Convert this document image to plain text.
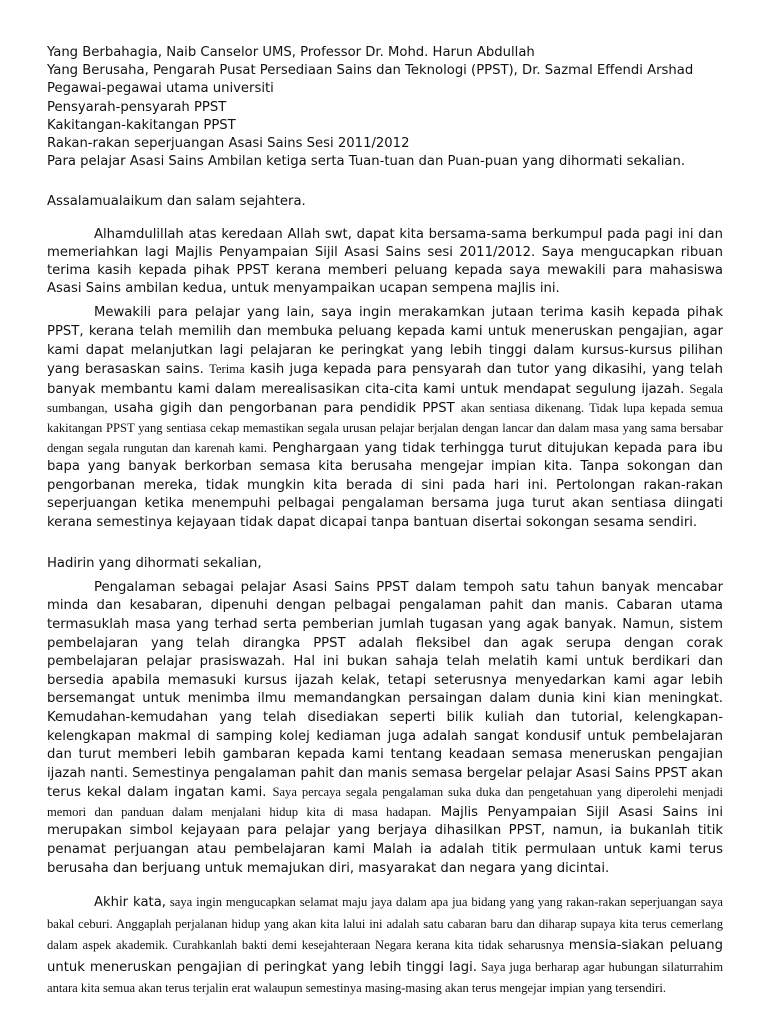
Yang Berbahagia, Naib Canselor UMS, Professor Dr. Mohd. Harun Abdullah
Yang Berusaha, Pengarah Pusat Persediaan Sains dan Teknologi (PPST), Dr. Sazmal Effendi Arshad
Pegawai-pegawai utama universiti
Pensyarah-pensyarah PPST
Kakitangan-kakitangan PPST
Rakan-rakan seperjuangan Asasi Sains Sesi 2011/2012
Para pelajar Asasi Sains Ambilan ketiga serta Tuan-tuan dan Puan-puan yang dihormati sekalian.

Assalamualaikum dan salam sejahtera.

Alhamdulillah atas keredaan Allah swt, dapat kita bersama-sama berkumpul pada pagi ini dan memeriahkan lagi Majlis Penyampaian Sijil Asasi Sains sesi 2011/2012. Saya mengucapkan ribuan terima kasih kepada pihak PPST kerana memberi peluang kepada saya mewakili para mahasiswa Asasi Sains ambilan kedua, untuk menyampaikan ucapan sempena majlis ini.

Mewakili para pelajar yang lain, saya ingin merakamkan jutaan terima kasih kepada pihak PPST, kerana telah memilih dan membuka peluang kepada kami untuk meneruskan pengajian, agar kami dapat melanjutkan lagi pelajaran ke peringkat yang lebih tinggi dalam kursus-kursus pilihan yang berasaskan sains. Terima kasih juga kepada para pensyarah dan tutor yang dikasihi, yang telah banyak membantu kami dalam merealisasikan cita-cita kami untuk mendapat segulung ijazah. Segala sumbangan, usaha gigih dan pengorbanan para pendidik PPST akan sentiasa dikenang. Tidak lupa kepada semua kakitangan PPST yang sentiasa cekap memastikan segala urusan pelajar berjalan dengan lancar dan dalam masa yang sama bersabar dengan segala rungutan dan karenah kami. Penghargaan yang tidak terhingga turut ditujukan kepada para ibu bapa yang banyak berkorban semasa kita berusaha mengejar impian kita. Tanpa sokongan dan pengorbanan mereka, tidak mungkin kita berada di sini pada hari ini. Pertolongan rakan-rakan seperjuangan ketika menempuhi pelbagai pengalaman bersama juga turut akan sentiasa diingati kerana semestinya kejayaan tidak dapat dicapai tanpa bantuan disertai sokongan sesama sendiri.

Hadirin yang dihormati sekalian,

Pengalaman sebagai pelajar Asasi Sains PPST dalam tempoh satu tahun banyak mencabar minda dan kesabaran, dipenuhi dengan pelbagai pengalaman pahit dan manis. Cabaran utama termasuklah masa yang terhad serta pemberian jumlah tugasan yang agak banyak. Namun, sistem pembelajaran yang telah dirangka PPST adalah fleksibel dan agak serupa dengan corak pembelajaran pelajar prasiswazah. Hal ini bukan sahaja telah melatih kami untuk berdikari dan bersedia apabila memasuki kursus ijazah kelak, tetapi seterusnya menyedarkan kami agar lebih bersemangat untuk menimba ilmu memandangkan persaingan dalam dunia kini kian meningkat. Kemudahan-kemudahan yang telah disediakan seperti bilik kuliah dan tutorial, kelengkapan-kelengkapan makmal di samping kolej kediaman juga adalah sangat kondusif untuk pembelajaran dan turut memberi lebih gambaran kepada kami tentang keadaan semasa meneruskan pengajian ijazah nanti. Semestinya pengalaman pahit dan manis semasa bergelar pelajar Asasi Sains PPST akan terus kekal dalam ingatan kami. Saya percaya segala pengalaman suka duka dan pengetahuan yang diperolehi menjadi memori dan panduan dalam menjalani hidup kita di masa hadapan. Majlis Penyampaian Sijil Asasi Sains ini merupakan simbol kejayaan para pelajar yang berjaya dihasilkan PPST, namun, ia bukanlah titik penamat perjuangan atau pembelajaran kami Malah ia adalah titik permulaan untuk kami terus berusaha dan berjuang untuk memajukan diri, masyarakat dan negara yang dicintai.

Akhir kata, saya ingin mengucapkan selamat maju jaya dalam apa jua bidang yang yang rakan-rakan seperjuangan saya bakal ceburi. Anggaplah perjalanan hidup yang akan kita lalui ini adalah satu cabaran baru dan diharap supaya kita terus cemerlang dalam aspek akademik. Curahkanlah bakti demi kesejahteraan Negara kerana kita tidak seharusnya mensia-siakan peluang untuk meneruskan pengajian di peringkat yang lebih tinggi lagi. Saya juga berharap agar hubungan silaturrahim antara kita semua akan terus terjalin erat walaupun semestinya masing-masing akan terus mengejar impian yang tersendiri.
